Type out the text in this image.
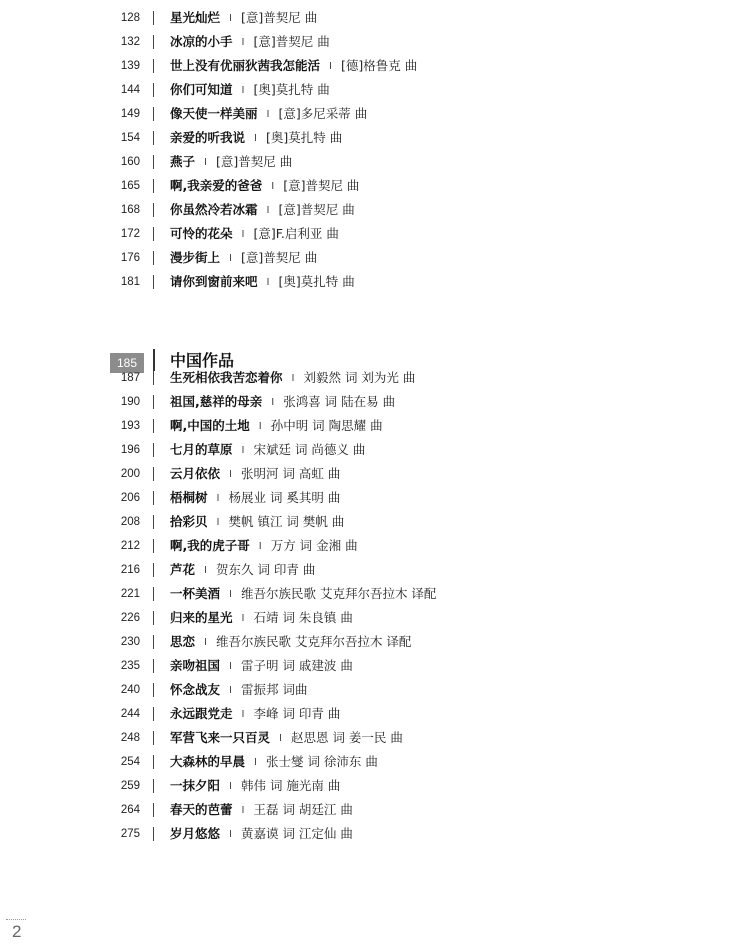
128 星光灿烂 I [意]普契尼 曲
132 冰凉的小手 I [意]普契尼 曲
139 世上没有优丽狄茜我怎能活 I [德]格鲁克 曲
144 你们可知道 I [奥]莫扎特 曲
149 像天使一样美丽 I [意]多尼采蒂 曲
154 亲爱的听我说 I [奥]莫扎特 曲
160 燕子 I [意]普契尼 曲
165 啊,我亲爱的爸爸 I [意]普契尼 曲
168 你虽然冷若冰霜 I [意]普契尼 曲
172 可怜的花朵 I [意]F.启利亚 曲
176 漫步街上 I [意]普契尼 曲
181 请你到窗前来吧 I [奥]莫扎特 曲
185	中国作品
187 生死相依我苦恋着你 I 刘毅然 词 刘为光 曲
190 祖国,慈祥的母亲 I 张鸿喜 词 陆在易 曲
193 啊,中国的土地 I 孙中明 词 陶思耀 曲
196 七月的草原 I 宋斌廷 词 尚德义 曲
200 云月依依 I 张明河 词 高虹 曲
206 梧桐树 I 杨展业 词 奚其明 曲
208 拾彩贝 I 樊帆 镇江 词 樊帆 曲
212 啊,我的虎子哥 I 万方 词 金湘 曲
216 芦花 I 贺东久 词 印青 曲
221 一杯美酒 I 维吾尔族民歌 艾克拜尔吾拉木 译配
226 归来的星光 I 石靖 词 朱良镇 曲
230 思恋 I 维吾尔族民歌 艾克拜尔吾拉木 译配
235 亲吻祖国 I 雷子明 词 戚建波 曲
240 怀念战友 I 雷振邦 词曲
244 永远跟党走 I 李峰 词 印青 曲
248 军营飞来一只百灵 I 赵思恩 词 姜一民 曲
254 大森林的早晨 I 张士燮 词 徐沛东 曲
259 一抹夕阳 I 韩伟 词 施光南 曲
264 春天的芭蕾 I 王磊 词 胡廷江 曲
275 岁月悠悠 I 黄嘉谟 词 江定仙 曲
2
